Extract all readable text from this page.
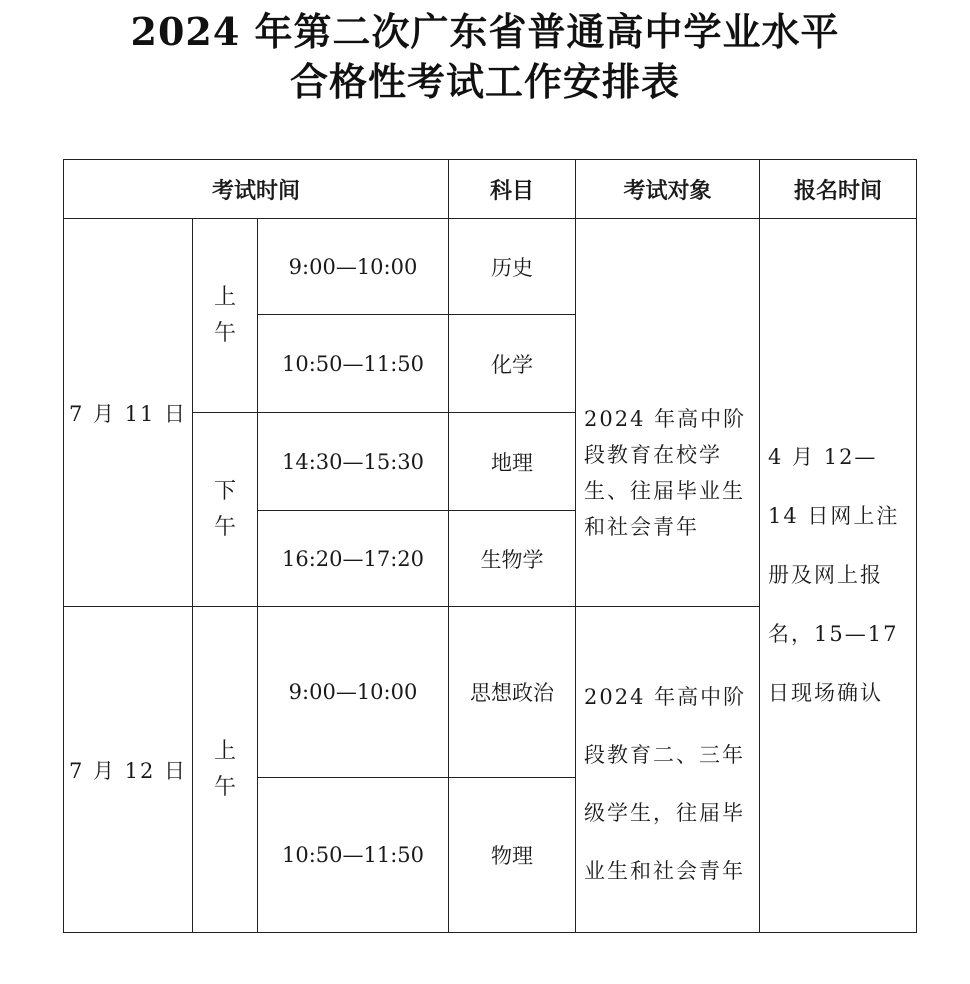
2024 年第二次广东省普通高中学业水平
合格性考试工作安排表
考试时间			科目	考试对象	报名时间
7 月 11 日	上午	9:00—10:00	历史	2024 年高中阶段教育在校学生、往届毕业生和社会青年	4 月 12—14 日网上注册及网上报名，15—17 日现场确认

		10:50—11:50	化学		
	下午	14:30—15:30	地理		
		16:20—17:20	生物学		
7 月 12 日	上午	9:00—10:00	思想政治	2024 年高中阶段教育二、三年级学生，往届毕业生和社会青年	

		10:50—11:50	物理		
